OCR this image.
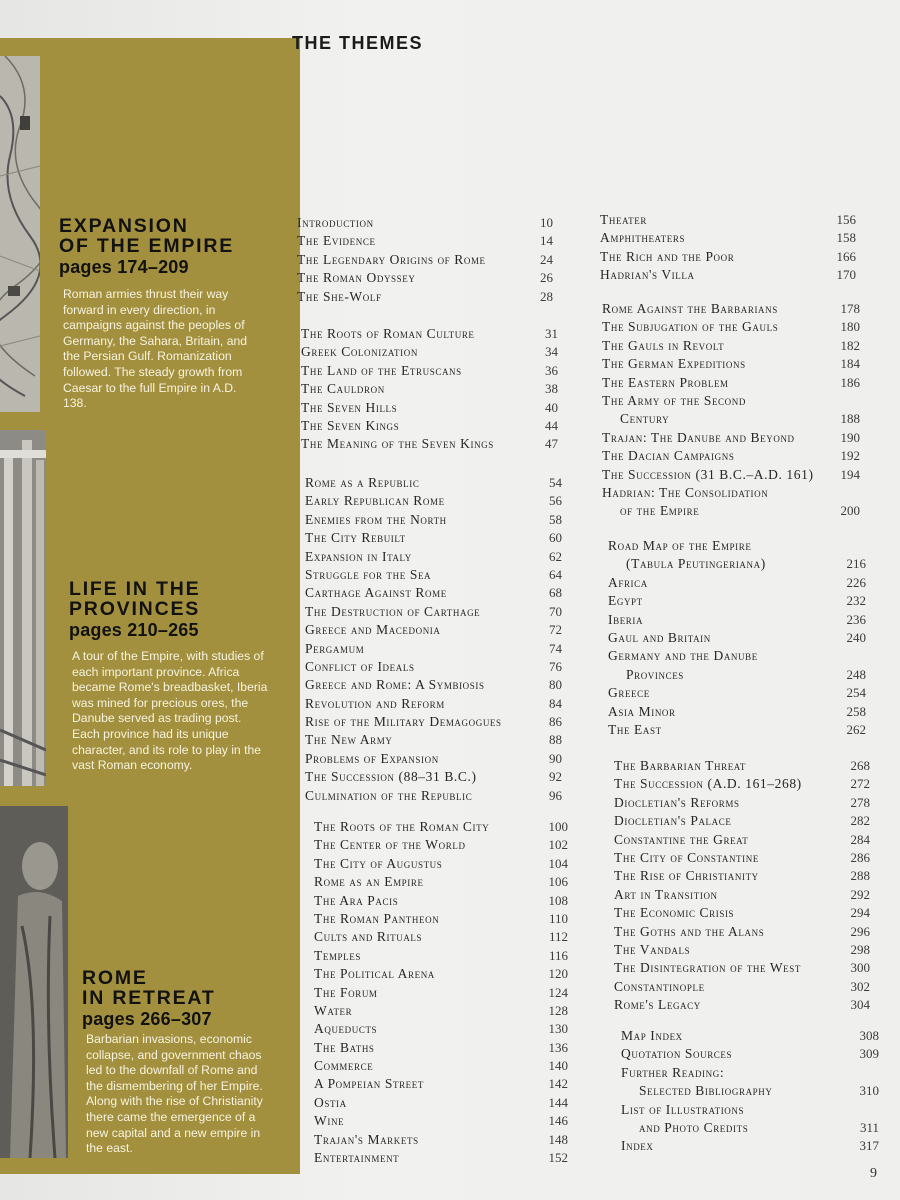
THE THEMES
EXPANSION
OF THE EMPIRE
pages 174–209
Roman armies thrust their way forward in every direction, in campaigns against the peoples of Germany, the Sahara, Britain, and the Persian Gulf. Romanization followed. The steady growth from Caesar to the full Empire in A.D. 138.
LIFE IN THE
PROVINCES
pages 210–265
A tour of the Empire, with studies of each important province. Africa became Rome's breadbasket, Iberia was mined for precious ores, the Danube served as trading post. Each province had its unique character, and its role to play in the vast Roman economy.
ROME
IN RETREAT
pages 266–307
Barbarian invasions, economic collapse, and government chaos led to the downfall of Rome and the dismembering of her Empire. Along with the rise of Christianity there came the emergence of a new capital and a new empire in the east.
Introduction	10
The Evidence	14
The Legendary Origins of Rome	24
The Roman Odyssey	26
The She-Wolf	28
The Roots of Roman Culture	31
Greek Colonization	34
The Land of the Etruscans	36
The Cauldron	38
The Seven Hills	40
The Seven Kings	44
The Meaning of the Seven Kings	47
Rome as a Republic	54
Early Republican Rome	56
Enemies from the North	58
The City Rebuilt	60
Expansion in Italy	62
Struggle for the Sea	64
Carthage Against Rome	68
The Destruction of Carthage	70
Greece and Macedonia	72
Pergamum	74
Conflict of Ideals	76
Greece and Rome: A Symbiosis	80
Revolution and Reform	84
Rise of the Military Demagogues	86
The New Army	88
Problems of Expansion	90
The Succession (88–31 B.C.)	92
Culmination of the Republic	96
The Roots of the Roman City	100
The Center of the World	102
The City of Augustus	104
Rome as an Empire	106
The Ara Pacis	108
The Roman Pantheon	110
Cults and Rituals	112
Temples	116
The Political Arena	120
The Forum	124
Water	128
Aqueducts	130
The Baths	136
Commerce	140
A Pompeian Street	142
Ostia	144
Wine	146
Trajan's Markets	148
Entertainment	152
Theater	156
Amphitheaters	158
The Rich and the Poor	166
Hadrian's Villa	170
Rome Against the Barbarians	178
The Subjugation of the Gauls	180
The Gauls in Revolt	182
The German Expeditions	184
The Eastern Problem	186
The Army of the Second
Century	188
Trajan: The Danube and Beyond	190
The Dacian Campaigns	192
The Succession (31 B.C.–A.D. 161) 194
Hadrian: The Consolidation
of the Empire	200
Road Map of the Empire
(Tabula Peutingeriana)	216
Africa	226
Egypt	232
Iberia	236
Gaul and Britain	240
Germany and the Danube
Provinces	248
Greece	254
Asia Minor	258
The East	262
The Barbarian Threat	268
The Succession (A.D. 161–268)	272
Diocletian's Reforms	278
Diocletian's Palace	282
Constantine the Great	284
The City of Constantine	286
The Rise of Christianity	288
Art in Transition	292
The Economic Crisis	294
The Goths and the Alans	296
The Vandals	298
The Disintegration of the West	300
Constantinople	302
Rome's Legacy	304
Map Index	308
Quotation Sources	309
Further Reading:
Selected Bibliography	310
List of Illustrations
and Photo Credits	311
Index	317
9
